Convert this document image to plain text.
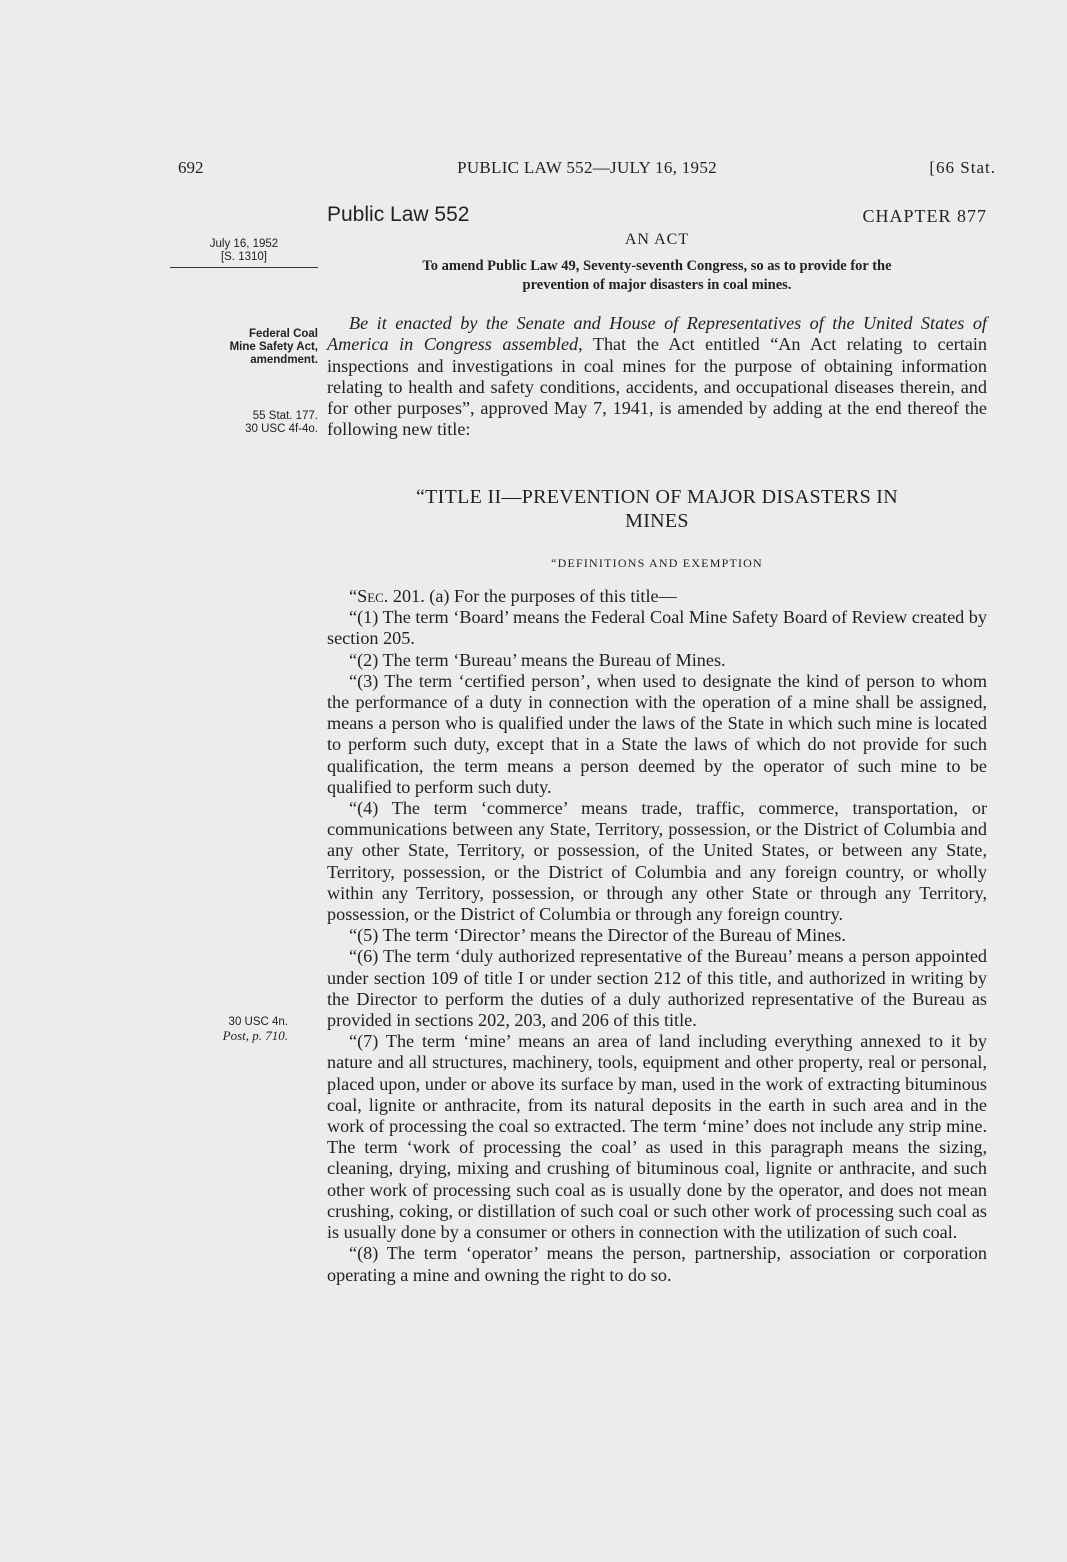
692	PUBLIC LAW 552—JULY 16, 1952	[66 Stat.
Public Law 552	CHAPTER 877
AN ACT
To amend Public Law 49, Seventy-seventh Congress, so as to provide for the
prevention of major disasters in coal mines.
July 16, 1952
[S. 1310]
Federal Coal
Mine Safety Act,
amendment.
55 Stat. 177.
30 USC 4f-4o.
30 USC 4n.
Post, p. 710.

Be it enacted by the Senate and House of Representatives of the United States of America in Congress assembled, That the Act entitled “An Act relating to certain inspections and investigations in coal mines for the purpose of obtaining information relating to health and safety conditions, accidents, and occupational diseases therein, and for other purposes”, approved May 7, 1941, is amended by adding at the end thereof the following new title:

“TITLE II—PREVENTION OF MAJOR DISASTERS IN
MINES
“DEFINITIONS AND EXEMPTION

“Sec. 201. (a) For the purposes of this title—

“(1) The term ‘Board’ means the Federal Coal Mine Safety Board of Review created by section 205.

“(2) The term ‘Bureau’ means the Bureau of Mines.

“(3) The term ‘certified person’, when used to designate the kind of person to whom the performance of a duty in connection with the operation of a mine shall be assigned, means a person who is qualified under the laws of the State in which such mine is located to perform such duty, except that in a State the laws of which do not provide for such qualification, the term means a person deemed by the operator of such mine to be qualified to perform such duty.

“(4) The term ‘commerce’ means trade, traffic, commerce, transportation, or communications between any State, Territory, possession, or the District of Columbia and any other State, Territory, or possession, of the United States, or between any State, Territory, possession, or the District of Columbia and any foreign country, or wholly within any Territory, possession, or through any other State or through any Territory, possession, or the District of Columbia or through any foreign country.

“(5) The term ‘Director’ means the Director of the Bureau of Mines.

“(6) The term ‘duly authorized representative of the Bureau’ means a person appointed under section 109 of title I or under section 212 of this title, and authorized in writing by the Director to perform the duties of a duly authorized representative of the Bureau as provided in sections 202, 203, and 206 of this title.

“(7) The term ‘mine’ means an area of land including everything annexed to it by nature and all structures, machinery, tools, equipment and other property, real or personal, placed upon, under or above its surface by man, used in the work of extracting bituminous coal, lignite or anthracite, from its natural deposits in the earth in such area and in the work of processing the coal so extracted. The term ‘mine’ does not include any strip mine. The term ‘work of processing the coal’ as used in this paragraph means the sizing, cleaning, drying, mixing and crushing of bituminous coal, lignite or anthracite, and such other work of processing such coal as is usually done by the operator, and does not mean crushing, coking, or distillation of such coal or such other work of processing such coal as is usually done by a consumer or others in connection with the utilization of such coal.

“(8) The term ‘operator’ means the person, partnership, association or corporation operating a mine and owning the right to do so.
